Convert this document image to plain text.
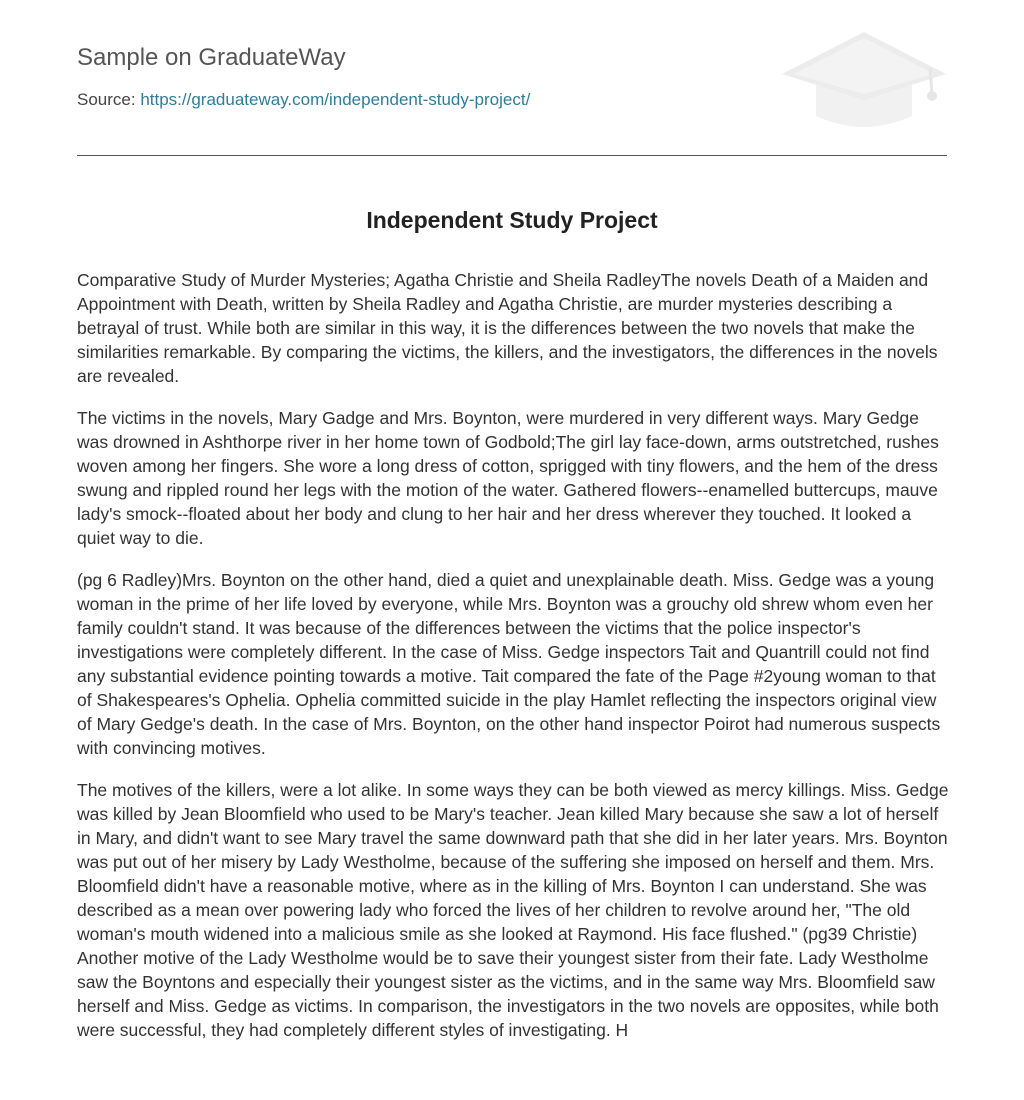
Sample on GraduateWay
Source: https://graduateway.com/independent-study-project/
Independent Study Project

Comparative Study of Murder Mysteries; Agatha Christie and Sheila RadleyThe novels Death of a Maiden and Appointment with Death, written by Sheila Radley and Agatha Christie, are murder mysteries describing a betrayal of trust. While both are similar in this way, it is the differences between the two novels that make the similarities remarkable. By comparing the victims, the killers, and the investigators, the differences in the novels are revealed.

The victims in the novels, Mary Gadge and Mrs. Boynton, were murdered in very different ways. Mary Gedge was drowned in Ashthorpe river in her home town of Godbold;The girl lay face-down, arms outstretched, rushes woven among her fingers. She wore a long dress of cotton, sprigged with tiny flowers, and the hem of the dress swung and rippled round her legs with the motion of the water. Gathered flowers--enamelled buttercups, mauve lady's smock--floated about her body and clung to her hair and her dress wherever they touched. It looked a quiet way to die.

(pg 6 Radley)Mrs. Boynton on the other hand, died a quiet and unexplainable death. Miss. Gedge was a young woman in the prime of her life loved by everyone, while Mrs. Boynton was a grouchy old shrew whom even her family couldn't stand. It was because of the differences between the victims that the police inspector's investigations were completely different. In the case of Miss. Gedge inspectors Tait and Quantrill could not find any substantial evidence pointing towards a motive. Tait compared the fate of the Page #2young woman to that of Shakespeares's Ophelia. Ophelia committed suicide in the play Hamlet reflecting the inspectors original view of Mary Gedge's death. In the case of Mrs. Boynton, on the other hand inspector Poirot had numerous suspects with convincing motives.

The motives of the killers, were a lot alike. In some ways they can be both viewed as mercy killings. Miss. Gedge was killed by Jean Bloomfield who used to be Mary's teacher. Jean killed Mary because she saw a lot of herself in Mary, and didn't want to see Mary travel the same downward path that she did in her later years. Mrs. Boynton was put out of her misery by Lady Westholme, because of the suffering she imposed on herself and them. Mrs. Bloomfield didn't have a reasonable motive, where as in the killing of Mrs. Boynton I can understand. She was described as a mean over powering lady who forced the lives of her children to revolve around her, "The old woman's mouth widened into a malicious smile as she looked at Raymond. His face flushed." (pg39 Christie) Another motive of the Lady Westholme would be to save their youngest sister from their fate. Lady Westholme saw the Boyntons and especially their youngest sister as the victims, and in the same way Mrs. Bloomfield saw herself and Miss. Gedge as victims. In comparison, the investigators in the two novels are opposites, while both were successful, they had completely different styles of investigating. H
